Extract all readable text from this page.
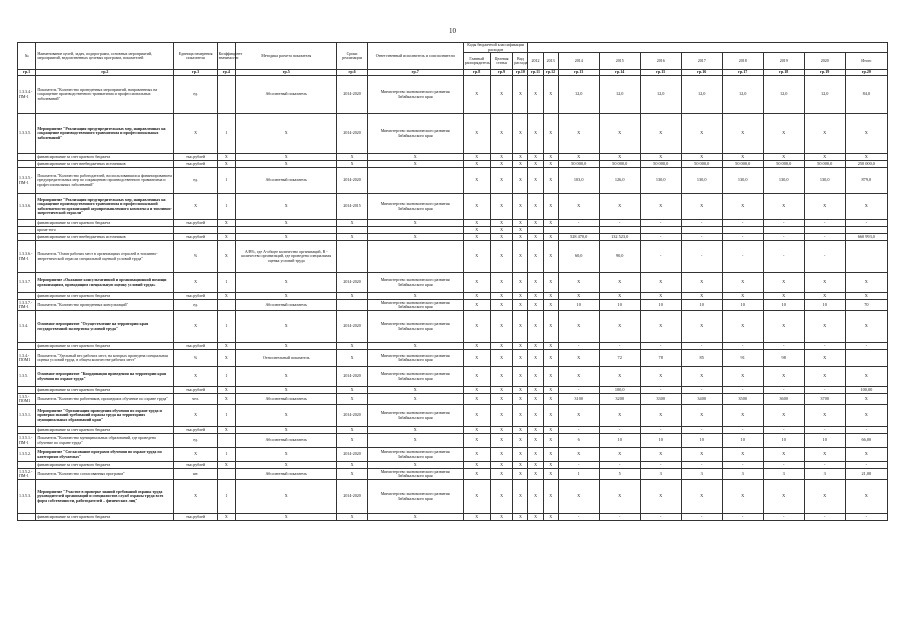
10
№	Наименование целей, задач, подпрограмм, основных мероприятий, мероприятий, ведомственных целевых программ, показателей	Единица измерения показателя	Коэффициент значимости	Методика расчета показателя	Сроки реализации	Ответственный исполнитель и соисполнители	Коды бюджетной классификации расходов												
							Главный распорядитель	Целевая статья	Вид расхода	2012	2013	2014	2015	2016	2017	2018	2019	2020	Итого

гр.1	гр.2	гр.3	гр.4	гр.5	гр.6	гр.7	гр.8	гр.9	гр.10	гр.11	гр.12	гр.13	гр.14	гр.15	гр.16	гр.17	гр.18	гр.19	гр.20
1.3.3.4.-ПМ-1	Показатель "Количество проведенных мероприятий, направленных на сокращение производственного травматизма и профессиональных заболеваний"	ед.		Абсолютный показатель	2014-2020	Министерство экономического развития Забайкальского края	Х	Х	Х	Х	Х	12,0	12,0	12,0	12,0	12,0	12,0	12,0	84,0
1.3.3.5.	Мероприятие "Реализация предупредительных мер, направленных на сокращение производственного травматизма и профессиональных заболеваний"	Х	1	Х	2014-2020	Министерство экономического развития Забайкальского края	Х	Х	Х	Х	Х	Х	Х	Х	Х	Х	Х	Х	Х
	финансирование за счет краевого бюджета	тыс.рублей	Х	Х	Х	Х	Х	Х	Х	Х	Х	Х	Х	Х	Х	Х	Х	Х	Х
	финансирование за счет внебюджетных источников	тыс.рублей	Х	Х	Х	Х	Х	Х	Х	Х	Х	50 000,0	50 000,0	50 000,0	50 000,0	50 000,0	50 000,0	50 000,0	250 000,0
1.3.3.5.-ПМ-1	Показатель "Количество работодателей, воспользовавшихся финансированием предупредительных мер по сокращению производственного травматизма и профессиональных заболеваний"	ед.	1	Абсолютный показатель	2014-2020		Х	Х	Х	Х	Х	103,0	126,0	130,0	130,0	130,0	130,0	130,0	879,0
1.3.3.6.	Мероприятие "Реализация предупредительных мер, направленных на сокращение производственного травматизма и профессиональной заболеваемости организаций агропромышленного комплекса и топливно-энергетической отрасли"	Х	1	Х	2014-2015	Министерство экономического развития Забайкальского края	Х	Х	Х	Х	Х	Х	Х	Х	Х	Х	Х	Х	Х
	финансирование за счет краевого бюджета	тыс.рублей	Х	Х	Х	Х	Х	Х	Х	Х	Х	-	-	-	-	-	-	-	-
	кроме того						Х	Х	Х										
	финансирование за счет внебюджетных источников	тыс.рублей	Х	Х	Х	Х	Х	Х	Х	Х	Х	528 470,0	132 523,0	-	-	-	-	-	660 993,0
1.3.3.6.-ПМ-1	Показатель "Охват рабочих мест в организациях отраслей в топливно-энергетической отрасли специальной оценкой условий труда"	%	Х	A/B%, где А-общее количество организаций, В - количество организаций, где проведена специальная оценка условий труда			Х	Х	Х	Х	Х	60,0	90,0	-	-	-	-	-	
1.3.3.7.	Мероприятие «Оказание консультативной и организационной помощи организациям, проводящим специальную оценку условий труда»	Х	1	Х	2014-2020	Министерство экономического развития Забайкальского края	Х	Х	Х	Х	Х	Х	Х	Х	Х	Х	Х	Х	Х
	финансирование за счет краевого бюджета	тыс.рублей	Х	Х	Х	Х	Х	Х	Х	Х	Х	Х	Х	Х	Х	Х	Х	Х	Х
1.3.3.7.-ПМ-1	Показатель "Количество проведенных консультаций"	ед.		Абсолютный показатель		Министерство экономического развития Забайкальского края	Х	Х	Х	Х	Х	10	10	10	10	10	10	10	70
1.3.4.	Основное мероприятие "Осуществление на территории края государственной экспертизы условий труда"	Х	1	Х	2014-2020	Министерство экономического развития Забайкальского края	Х	Х	Х	Х	Х	Х	Х	Х	Х	Х	Х	Х	Х
	финансирование за счет краевого бюджета	тыс.рублей	Х	Х	Х	Х	Х	Х	Х	Х	Х	-	-	-	-	-	-	-	-
1.3.4.-ПОМ1	Показатель "Удельный вес рабочих мест, на которых проведена специальная оценка условий труда, в общем количестве рабочих мест"	%	Х	Относительный показатель	Х	Министерство экономического развития Забайкальского края	Х	Х	Х	Х	Х	Х	72	78	85	91	98	Х	
1.3.5.	Основное мероприятие "Координация проведения на территории края обучения по охране труда"	Х	1	Х	2014-2020	Министерство экономического развития Забайкальского края	Х	Х	Х	Х	Х	Х	Х	Х	Х	Х	Х	Х	Х
	финансирование за счет краевого бюджета	тыс.рублей	Х	Х	Х	Х	Х	Х	Х	Х	Х	-	100,0	-	-	-	-	-	100,00
1.3.5.-ПОМ1	Показатель "Количество работников, прошедших обучение по охране труда"	чел.	Х	Абсолютный показатель	Х	Х	Х	Х	Х	Х	Х	3100	3200	3300	3400	3500	3600	3700	Х
1.3.5.1.	Мероприятие "Организация проведения обучения по охране труда и проверки знаний требований охраны труда на территориях муниципальных образований края"	Х	1	Х	2014-2020	Министерство экономического развития Забайкальского края	Х	Х	Х	Х	Х	Х	Х	Х	Х	Х	Х	Х	Х
	финансирование за счет краевого бюджета	тыс.рублей	Х	Х	Х	Х	Х	Х	Х	Х	Х	-	-	-	-	-	-	-	-
1.3.5.1.-ПМ-1	Показатель "Количество муниципальных образований, где проведено обучение по охране труда"	ед.		Абсолютный показатель	Х	Х	Х	Х	Х	Х	Х	6	10	10	10	10	10	10	66,00
1.3.5.2.	Мероприятие "Согласование программ обучения по охране труда по категориям обучаемых"	Х	1	Х	2014-2020	Министерство экономического развития Забайкальского края	Х	Х	Х	Х	Х	Х	Х	Х	Х	Х	Х	Х	Х
	финансирование за счет краевого бюджета	тыс.рублей	Х	Х	Х	Х	Х	Х	Х	Х	Х	-	-	-	-	-	-	-	-
1.3.5.2.-ПМ-1	Показатель "Количество согласованных программ"	шт.		Абсолютный показатель	Х	Министерство экономического развития Забайкальского края	Х	Х	Х	Х	Х	1	5	3	3	3	3	3	21,00
1.3.5.3.	Мероприятие "Участие в проверке знаний требований охраны труда руководителей организаций и специалистов служб охраны труда всех форм собственности, работодателей – физических лиц"	Х	1	Х	2014-2020	Министерство экономического развития Забайкальского края	Х	Х	Х	Х	Х	Х	Х	Х	Х	Х	Х	Х	Х
	финансирование за счет краевого бюджета	тыс.рублей	Х	Х	Х	Х	Х	Х	Х	Х	Х	-	-	-	-	-	-	-	-
